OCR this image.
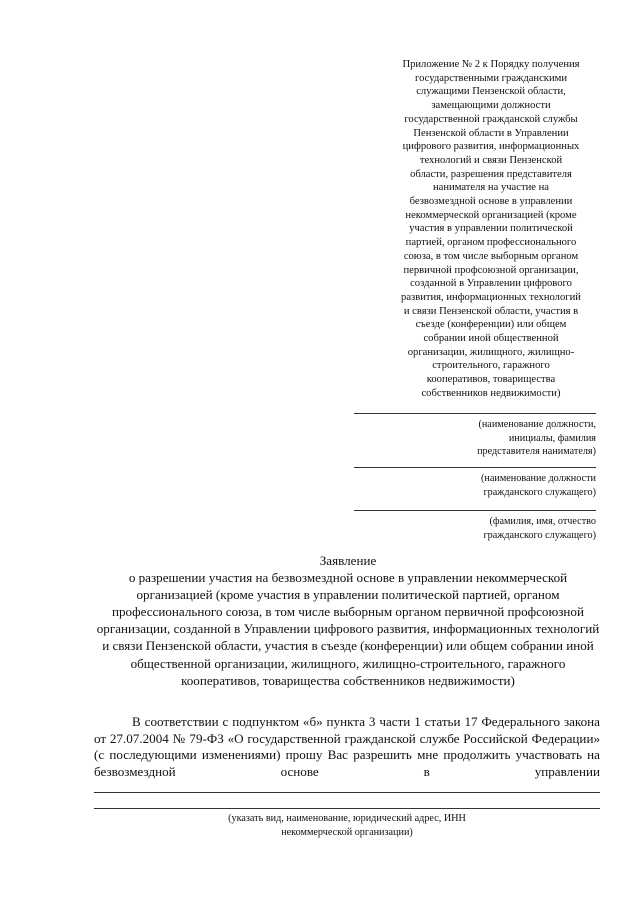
Приложение № 2 к Порядку получения
государственными гражданскими
служащими Пензенской области,
замещающими должности
государственной гражданской службы
Пензенской области в Управлении
цифрового развития, информационных
технологий и связи Пензенской
области, разрешения представителя
нанимателя на участие на
безвозмездной основе в управлении
некоммерческой организацией (кроме
участия в управлении политической
партией, органом профессионального
союза, в том числе выборным органом
первичной профсоюзной организации,
созданной в Управлении цифрового
развития, информационных технологий
и связи Пензенской области, участия в
съезде (конференции) или общем
собрании иной общественной
организации, жилищного, жилищно-
строительного, гаражного
кооперативов, товарищества
собственников недвижимости)
(наименование должности,
инициалы, фамилия
представителя нанимателя)
(наименование должности
гражданского служащего)
(фамилия, имя, отчество
гражданского служащего)
Заявление
о разрешении участия на безвозмездной основе в управлении некоммерческой организацией (кроме участия в управлении политической партией, органом профессионального союза, в том числе выборным органом первичной профсоюзной организации, созданной в Управлении цифрового развития, информационных технологий и связи Пензенской области, участия в съезде (конференции) или общем собрании иной общественной организации, жилищного, жилищно-строительного, гаражного кооперативов, товарищества собственников недвижимости)

В соответствии с подпунктом «б» пункта 3 части 1 статьи 17 Федерального закона от 27.07.2004 № 79-ФЗ «О государственной гражданской службе Российской Федерации» (с последующими изменениями) прошу Вас разрешить мне продолжить участвовать на безвозмездной основе в управлении

(указать вид, наименование, юридический адрес, ИНН
некоммерческой организации)
